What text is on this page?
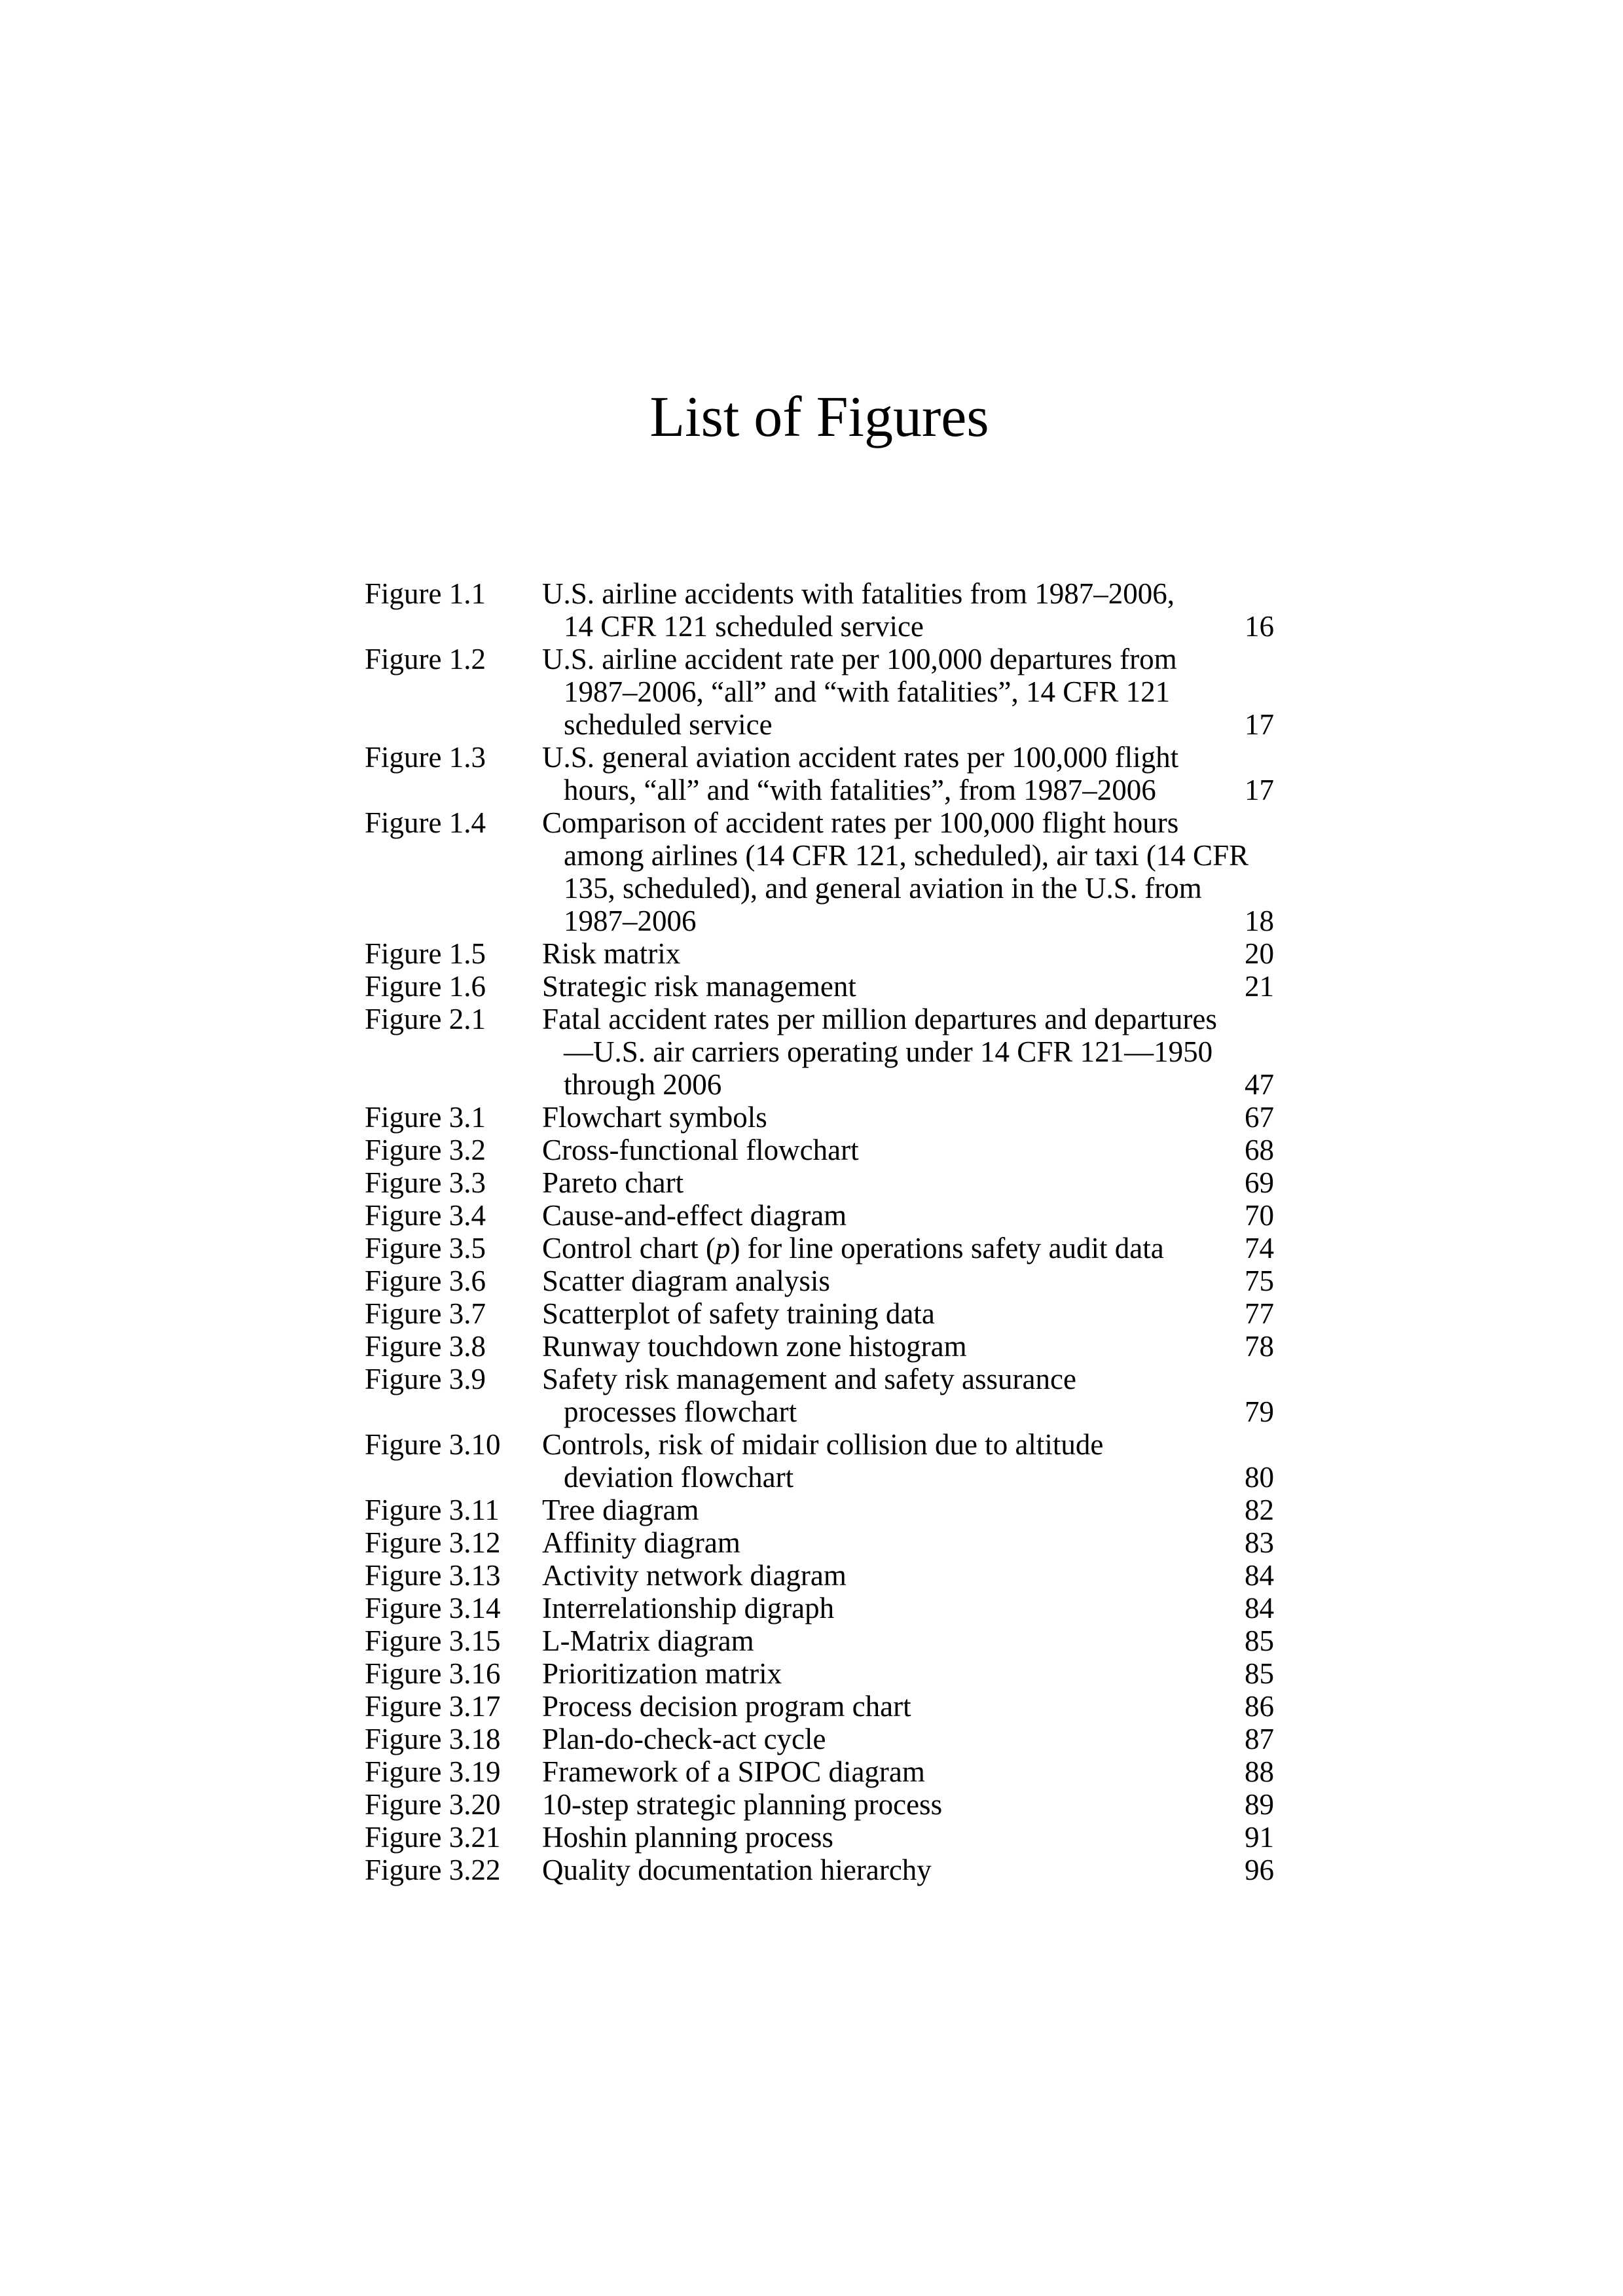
List of Figures
Figure 1.1	U.S. airline accidents with fatalities from 1987–2006,
14 CFR 121 scheduled service	16
Figure 1.2	U.S. airline accident rate per 100,000 departures from
1987–2006, “all” and “with fatalities”, 14 CFR 121
scheduled service	17
Figure 1.3	U.S. general aviation accident rates per 100,000 flight
hours, “all” and “with fatalities”, from 1987–2006	17
Figure 1.4	Comparison of accident rates per 100,000 flight hours
among airlines (14 CFR 121, scheduled), air taxi (14 CFR
135, scheduled), and general aviation in the U.S. from
1987–2006	18
Figure 1.5	Risk matrix	20
Figure 1.6	Strategic risk management	21
Figure 2.1	Fatal accident rates per million departures and departures
—U.S. air carriers operating under 14 CFR 121—1950
through 2006	47
Figure 3.1	Flowchart symbols	67
Figure 3.2	Cross-functional flowchart	68
Figure 3.3	Pareto chart	69
Figure 3.4	Cause-and-effect diagram	70
Figure 3.5	Control chart (p) for line operations safety audit data	74
Figure 3.6	Scatter diagram analysis	75
Figure 3.7	Scatterplot of safety training data	77
Figure 3.8	Runway touchdown zone histogram	78
Figure 3.9	Safety risk management and safety assurance
processes flowchart	79
Figure 3.10	Controls, risk of midair collision due to altitude
deviation flowchart	80
Figure 3.11	Tree diagram	82
Figure 3.12	Affinity diagram	83
Figure 3.13	Activity network diagram	84
Figure 3.14	Interrelationship digraph	84
Figure 3.15	L-Matrix diagram	85
Figure 3.16	Prioritization matrix	85
Figure 3.17	Process decision program chart	86
Figure 3.18	Plan-do-check-act cycle	87
Figure 3.19	Framework of a SIPOC diagram	88
Figure 3.20	10-step strategic planning process	89
Figure 3.21	Hoshin planning process	91
Figure 3.22	Quality documentation hierarchy	96
